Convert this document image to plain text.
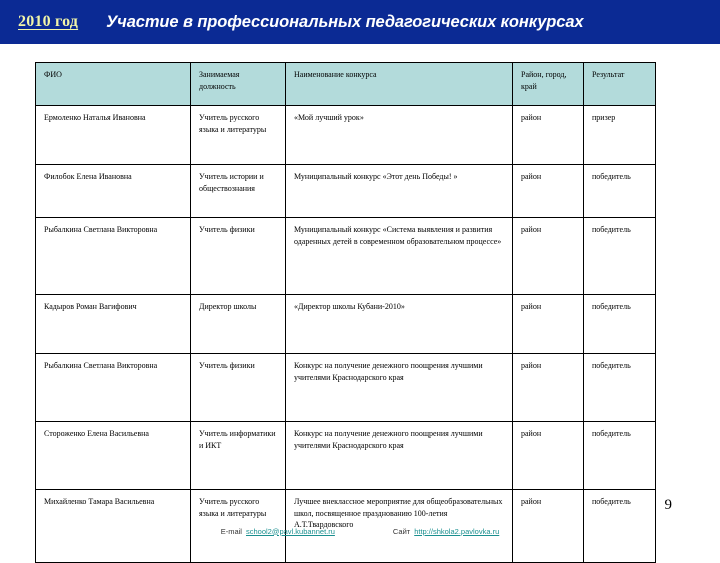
2010 год Участие в профессиональных педагогических конкурсах
ФИО	Занимаемая должность	Наименование конкурса	Район, город, край	Результат
Ермоленко Наталья Ивановна	Учитель русского языка и литературы	«Мой лучший урок»	район	призер
Филобок Елена Ивановна	Учитель истории и обществознания	Муниципальный конкурс «Этот день Победы! »	район	победитель
Рыбалкина Светлана Викторовна	Учитель физики	Муниципальный конкурс «Система выявления и развития одаренных детей в современном образовательном процессе»	район	победитель
Кадыров Роман Вагифович	Директор школы	«Директор школы Кубани-2010»	район	победитель
Рыбалкина Светлана Викторовна	Учитель физики	Конкурс на получение денежного поощрения лучшими учителями Краснодарского края	район	победитель
Стороженко Елена Васильевна	Учитель информатики и ИКТ	Конкурс на получение денежного поощрения лучшими учителями Краснодарского края	район	победитель
Михайленко Тамара Васильевна	Учитель русского языка и литературы	Лучшее внеклассное мероприятие для общеобразовательных школ, посвященное празднованию 100-летия А.Т.Твардовского	район	победитель 9
E-mail school2@pavl.kubannet.ru	Сайт http://shkola2.pavlovka.ru
